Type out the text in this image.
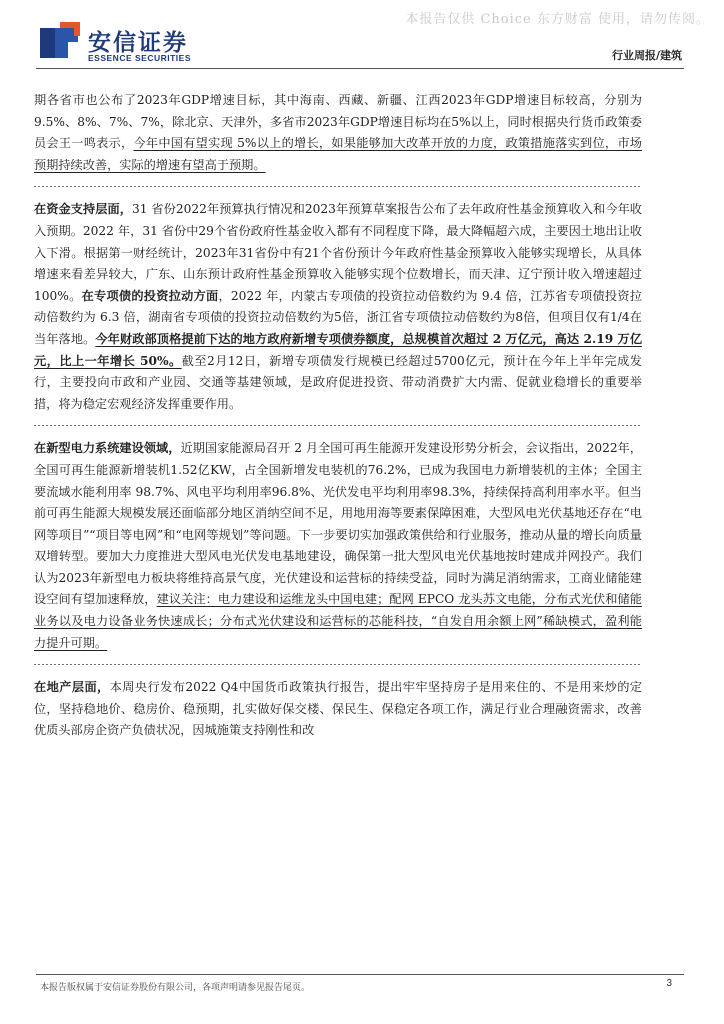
本报告仅供 Choice 东方财富 使用，请勿传阅。
安信证券
ESSENCE SECURITIES	行业周报/建筑

期各省市也公布了2023年GDP增速目标，其中海南、西藏、新疆、江西2023年GDP增速目标较高，分别为9.5%、8%、7%、7%，除北京、天津外，多省市2023年GDP增速目标均在5%以上，同时根据央行货币政策委员会王一鸣表示，今年中国有望实现 5%以上的增长，如果能够加大改革开放的力度，政策措施落实到位，市场预期持续改善，实际的增速有望高于预期。

在资金支持层面，31 省份2022年预算执行情况和2023年预算草案报告公布了去年政府性基金预算收入和今年收入预期。2022 年，31 省份中29个省份政府性基金收入都有不同程度下降，最大降幅超六成，主要因土地出让收入下滑。根据第一财经统计，2023年31省份中有21个省份预计今年政府性基金预算收入能够实现增长，从具体增速来看差异较大，广东、山东预计政府性基金预算收入能够实现个位数增长，而天津、辽宁预计收入增速超过 100%。在专项债的投资拉动方面，2022 年，内蒙古专项债的投资拉动倍数约为 9.4 倍，江苏省专项债投资拉动倍数约为 6.3 倍，湖南省专项债的投资拉动倍数约为5倍，浙江省专项债拉动倍数约为8倍，但项目仅有1/4在当年落地。今年财政部顶格提前下达的地方政府新增专项债券额度，总规模首次超过 2 万亿元，高达 2.19 万亿元，比上一年增长 50%。截至2月12日，新增专项债发行规模已经超过5700亿元，预计在今年上半年完成发行，主要投向市政和产业园、交通等基建领域，是政府促进投资、带动消费扩大内需、促就业稳增长的重要举措，将为稳定宏观经济发挥重要作用。

在新型电力系统建设领域，近期国家能源局召开 2 月全国可再生能源开发建设形势分析会，会议指出，2022年，全国可再生能源新增装机1.52亿KW，占全国新增发电装机的76.2%，已成为我国电力新增装机的主体；全国主要流域水能利用率 98.7%、风电平均利用率96.8%、光伏发电平均利用率98.3%，持续保持高利用率水平。但当前可再生能源大规模发展还面临部分地区消纳空间不足，用地用海等要素保障困难，大型风电光伏基地还存在“电网等项目”“项目等电网”和“电网等规划”等问题。下一步要切实加强政策供给和行业服务，推动从量的增长向质量双增转型。要加大力度推进大型风电光伏发电基地建设，确保第一批大型风电光伏基地按时建成并网投产。我们认为2023年新型电力板块将维持高景气度，光伏建设和运营标的持续受益，同时为满足消纳需求，工商业储能建设空间有望加速释放，建议关注：电力建设和运维龙头中国电建；配网 EPCO 龙头苏文电能，分布式光伏和储能业务以及电力设备业务快速成长；分布式光伏建设和运营标的芯能科技，“自发自用余额上网”稀缺模式，盈利能力提升可期。

在地产层面，本周央行发布2022 Q4中国货币政策执行报告，提出牢牢坚持房子是用来住的、不是用来炒的定位，坚持稳地价、稳房价、稳预期，扎实做好保交楼、保民生、保稳定各项工作，满足行业合理融资需求，改善优质头部房企资产负债状况，因城施策支持刚性和改

本报告版权属于安信证券股份有限公司，各项声明请参见报告尾页。	3
